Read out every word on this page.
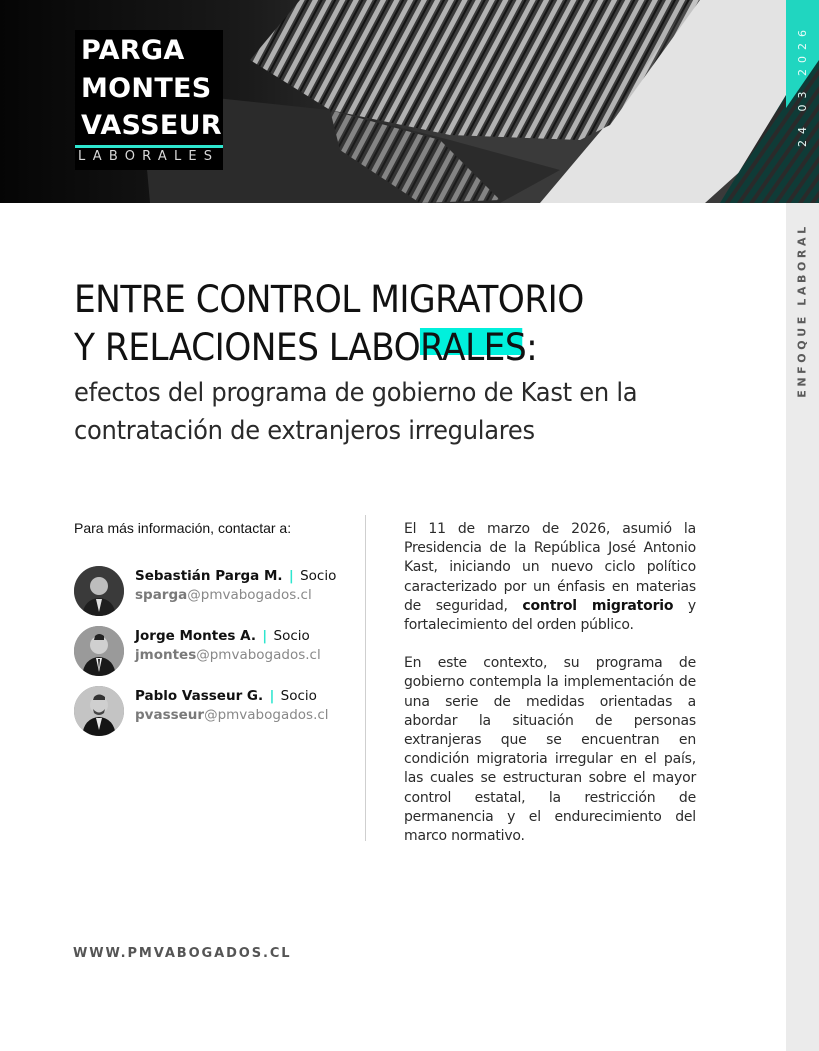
PARGA
MONTES
VASSEUR
LABORALES
24 03 2026
ENFOQUE LABORAL
ENTRE CONTROL MIGRATORIO
Y RELACIONES LABO
RALES:
efectos del programa de gobierno de Kast en la
contratación de extranjeros irregulares
Para más información, contactar a:
Sebastián Parga M. | Socio
sparga@pmvabogados.cl
Jorge Montes A. | Socio
jmontes@pmvabogados.cl
Pablo Vasseur G. | Socio
pvasseur@pmvabogados.cl

El 11 de marzo de 2026, asumió la Presidencia de la República José Antonio Kast, iniciando un nuevo ciclo político caracterizado por un énfasis en materias de seguridad, control migratorio y fortalecimiento del orden público.

En este contexto, su programa de gobierno contempla la implementación de una serie de medidas orientadas a abordar la situación de personas extranjeras que se encuentran en condición migratoria irregular en el país, las cuales se estructuran sobre el mayor control estatal, la restricción de permanencia y el endurecimiento del marco normativo.

WWW.PMVABOGADOS.CL
